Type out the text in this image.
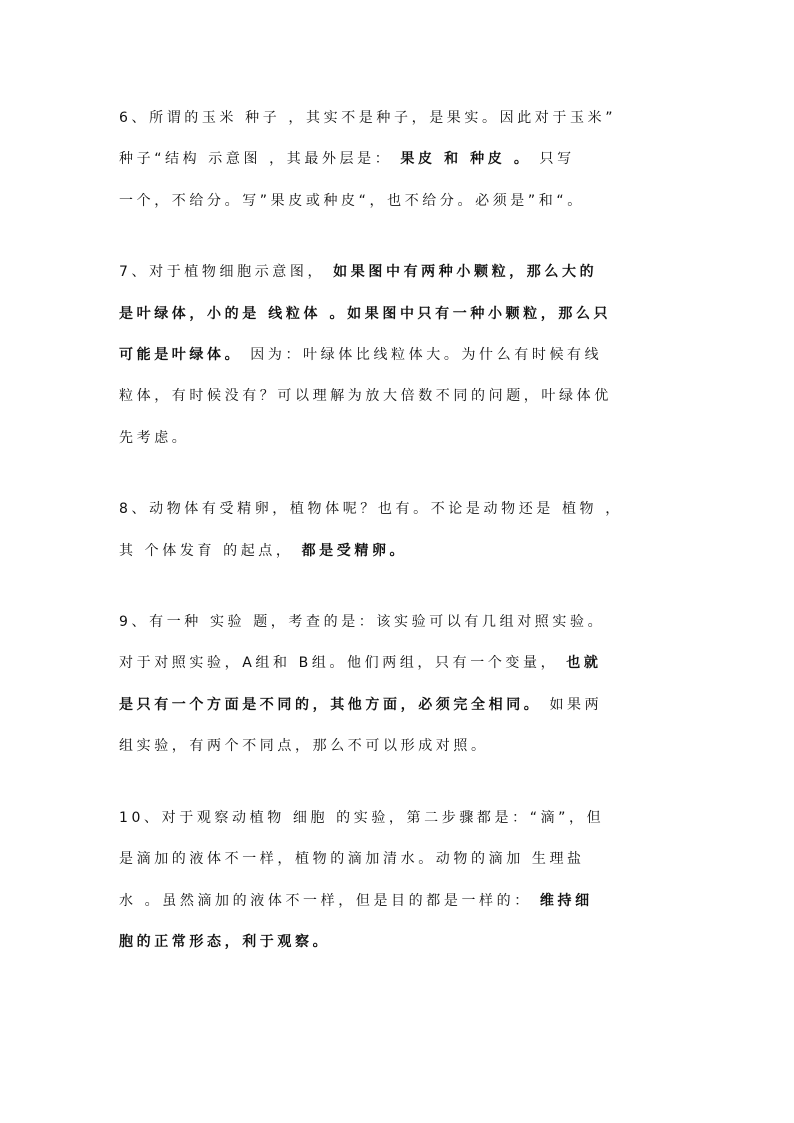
6、所谓的玉米 种子 ，其实不是种子，是果实。因此对于玉米”
种子“结构 示意图 ，其最外层是： 果皮 和 种皮 。 只写
一个，不给分。写”果皮或种皮“，也不给分。必须是”和“。
7、对于植物细胞示意图， 如果图中有两种小颗粒，那么大的
是叶绿体，小的是 线粒体 。如果图中只有一种小颗粒，那么只
可能是叶绿体。 因为：叶绿体比线粒体大。为什么有时候有线
粒体，有时候没有？可以理解为放大倍数不同的问题，叶绿体优
先考虑。
8、动物体有受精卵，植物体呢？也有。不论是动物还是 植物 ，
其 个体发育 的起点， 都是受精卵。
9、有一种 实验 题，考查的是：该实验可以有几组对照实验。
对于对照实验，A组和 B组。他们两组，只有一个变量， 也就
是只有一个方面是不同的，其他方面，必须完全相同。 如果两
组实验，有两个不同点，那么不可以形成对照。
10、对于观察动植物 细胞 的实验，第二步骤都是：“滴”，但
是滴加的液体不一样，植物的滴加清水。动物的滴加 生理盐
水 。虽然滴加的液体不一样，但是目的都是一样的： 维持细
胞的正常形态，利于观察。
